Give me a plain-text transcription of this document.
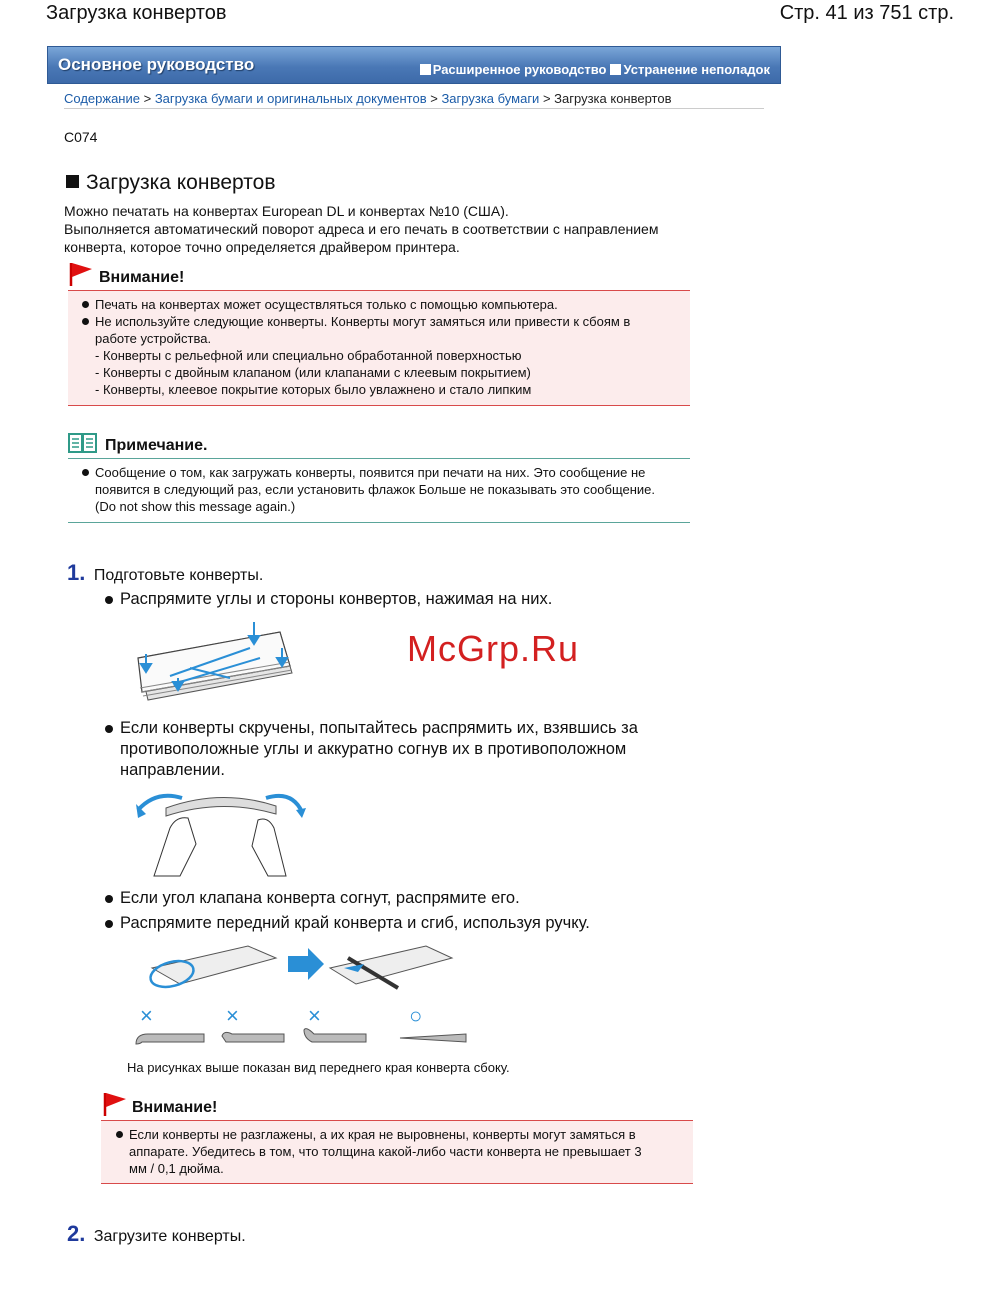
Загрузка конвертов	Стр. 41 из 751 стр.
Основное руководство	Расширенное руководство	Устранение неполадок
Содержание > Загрузка бумаги и оригинальных документов > Загрузка бумаги > Загрузка конвертов
C074
Загрузка конвертов
Можно печатать на конвертах European DL и конвертах №10 (США).
Выполняется автоматический поворот адреса и его печать в соответствии с направлением
конверта, которое точно определяется драйвером принтера.
Внимание!
Печать на конвертах может осуществляться только с помощью компьютера.
Не используйте следующие конверты. Конверты могут замяться или привести к сбоям в
работе устройства.
- Конверты с рельефной или специально обработанной поверхностью
- Конверты с двойным клапаном (или клапанами с клеевым покрытием)
- Конверты, клеевое покрытие которых было увлажнено и стало липким
Примечание.
Сообщение о том, как загружать конверты, появится при печати на них. Это сообщение не
появится в следующий раз, если установить флажок Больше не показывать это сообщение.
(Do not show this message again.)
1. Подготовьте конверты.
Распрямите углы и стороны конвертов, нажимая на них.
McGrp.Ru
Если конверты скручены, попытайтесь распрямить их, взявшись за
противоположные углы и аккуратно согнув их в противоположном
направлении.
Если угол клапана конверта согнут, распрямите его.
Распрямите передний край конверта и сгиб, используя ручку.
×	×	×	○
На рисунках выше показан вид переднего края конверта сбоку.
Внимание!
Если конверты не разглажены, а их края не выровнены, конверты могут замяться в
аппарате. Убедитесь в том, что толщина какой-либо части конверта не превышает 3
мм / 0,1 дюйма.
2. Загрузите конверты.
